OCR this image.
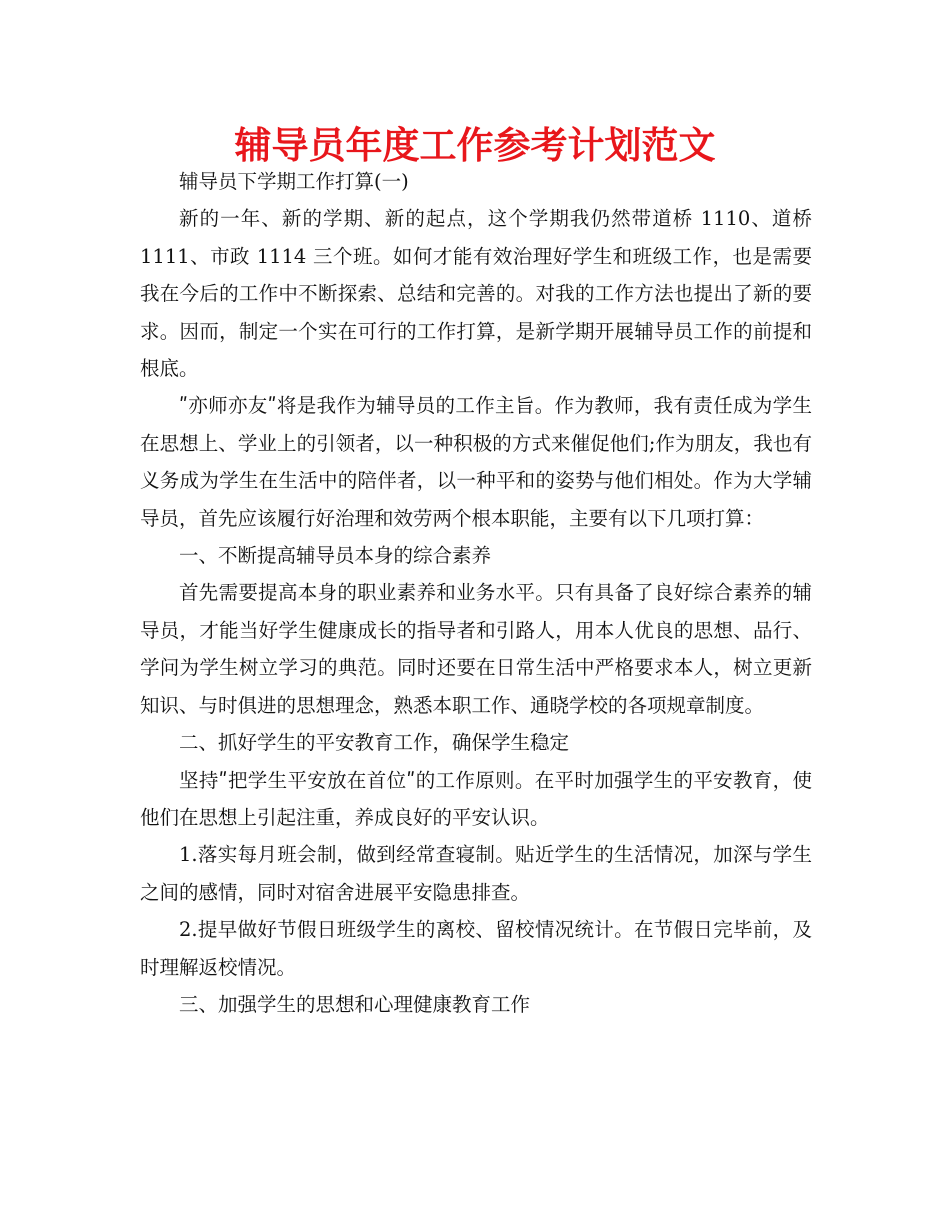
辅导员年度工作参考计划范文

辅导员下学期工作打算(一)

新的一年、新的学期、新的起点，这个学期我仍然带道桥 1110、道桥 1111、市政 1114 三个班。如何才能有效治理好学生和班级工作，也是需要我在今后的工作中不断探索、总结和完善的。对我的工作方法也提出了新的要求。因而，制定一个实在可行的工作打算，是新学期开展辅导员工作的前提和根底。

ʺ亦师亦友ʺ将是我作为辅导员的工作主旨。作为教师，我有责任成为学生在思想上、学业上的引领者，以一种积极的方式来催促他们;作为朋友，我也有义务成为学生在生活中的陪伴者，以一种平和的姿势与他们相处。作为大学辅导员，首先应该履行好治理和效劳两个根本职能，主要有以下几项打算：

一、不断提高辅导员本身的综合素养

首先需要提高本身的职业素养和业务水平。只有具备了良好综合素养的辅导员，才能当好学生健康成长的指导者和引路人，用本人优良的思想、品行、学问为学生树立学习的典范。同时还要在日常生活中严格要求本人，树立更新知识、与时俱进的思想理念，熟悉本职工作、通晓学校的各项规章制度。

二、抓好学生的平安教育工作，确保学生稳定

坚持ʺ把学生平安放在首位ʺ的工作原则。在平时加强学生的平安教育，使他们在思想上引起注重，养成良好的平安认识。

1.落实每月班会制，做到经常查寝制。贴近学生的生活情况，加深与学生之间的感情，同时对宿舍进展平安隐患排查。

2.提早做好节假日班级学生的离校、留校情况统计。在节假日完毕前，及时理解返校情况。

三、加强学生的思想和心理健康教育工作
